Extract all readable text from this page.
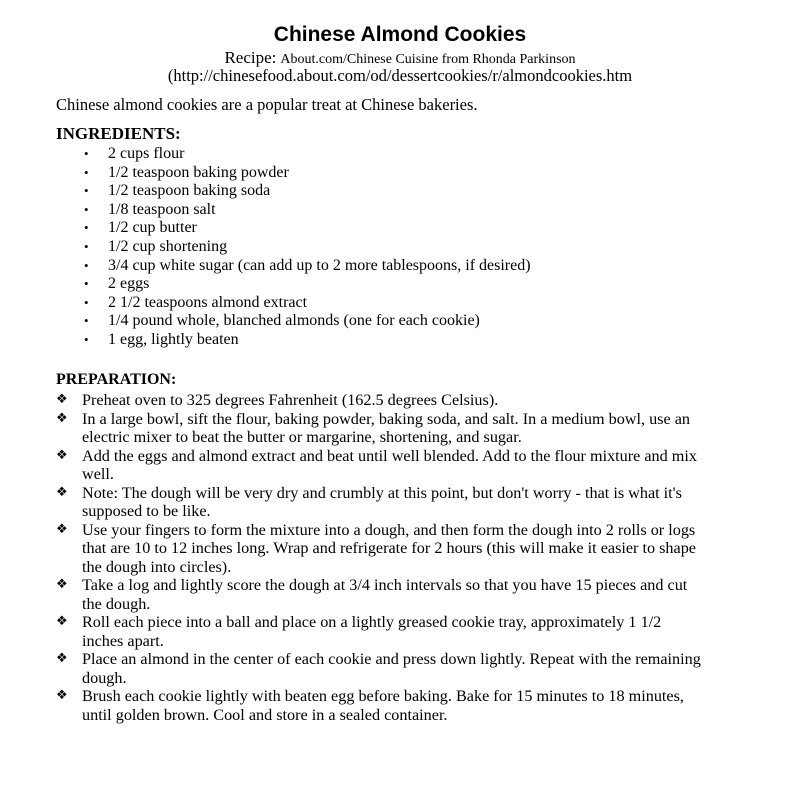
Chinese Almond Cookies
Recipe: About.com/Chinese Cuisine from Rhonda Parkinson
(http://chinesefood.about.com/od/dessertcookies/r/almondcookies.htm
Chinese almond cookies are a popular treat at Chinese bakeries.
INGREDIENTS:
• 2 cups flour
• 1/2 teaspoon baking powder
• 1/2 teaspoon baking soda
• 1/8 teaspoon salt
• 1/2 cup butter
• 1/2 cup shortening
• 3/4 cup white sugar (can add up to 2 more tablespoons, if desired)
• 2 eggs
• 2 1/2 teaspoons almond extract
• 1/4 pound whole, blanched almonds (one for each cookie)
• 1 egg, lightly beaten
PREPARATION:
❖ Preheat oven to 325 degrees Fahrenheit (162.5 degrees Celsius).
❖ In a large bowl, sift the flour, baking powder, baking soda, and salt. In a medium bowl, use an electric mixer to beat the butter or margarine, shortening, and sugar.
❖ Add the eggs and almond extract and beat until well blended. Add to the flour mixture and mix well.
❖ Note: The dough will be very dry and crumbly at this point, but don't worry - that is what it's supposed to be like.
❖ Use your fingers to form the mixture into a dough, and then form the dough into 2 rolls or logs that are 10 to 12 inches long. Wrap and refrigerate for 2 hours (this will make it easier to shape the dough into circles).
❖ Take a log and lightly score the dough at 3/4 inch intervals so that you have 15 pieces and cut the dough.
❖ Roll each piece into a ball and place on a lightly greased cookie tray, approximately 1 1/2 inches apart.
❖ Place an almond in the center of each cookie and press down lightly. Repeat with the remaining dough.
❖ Brush each cookie lightly with beaten egg before baking. Bake for 15 minutes to 18 minutes, until golden brown. Cool and store in a sealed container.
